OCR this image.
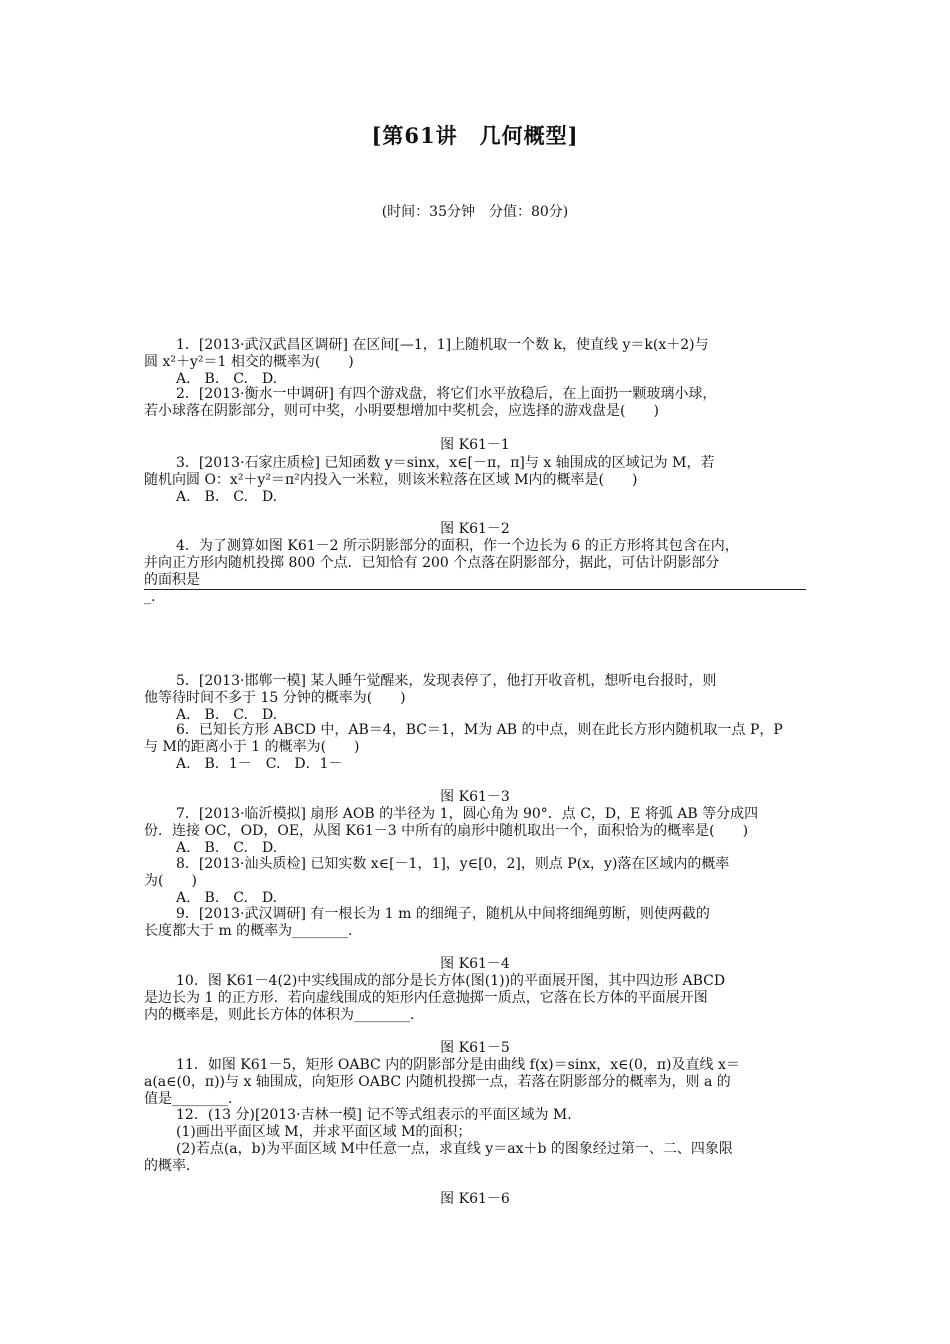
[第61讲　几何概型]
(时间：35分钟　分值：80分)
1．[2013·武汉武昌区调研] 在区间[—1，1]上随机取一个数 k，使直线 y＝k(x＋2)与
圆 x²＋y²＝1 相交的概率为(　　)
A.　B.　C.　D.
2．[2013·衡水一中调研] 有四个游戏盘，将它们水平放稳后，在上面扔一颗玻璃小球，
若小球落在阴影部分，则可中奖，小明要想增加中奖机会，应选择的游戏盘是(　　)
图 K61－1
3．[2013·石家庄质检] 已知函数 y＝sinx，x∈[－π，π]与 x 轴围成的区域记为 M，若
随机向圆 O：x²＋y²＝π²内投入一米粒，则该米粒落在区域 M内的概率是(　　)
A.　B.　C.　D.
图 K61－2
4．为了测算如图 K61－2 所示阴影部分的面积，作一个边长为 6 的正方形将其包含在内，
并向正方形内随机投掷 800 个点．已知恰有 200 个点落在阴影部分，据此，可估计阴影部分
的面积是
_.
5．[2013·邯郸一模] 某人睡午觉醒来，发现表停了，他打开收音机，想听电台报时，则
他等待时间不多于 15 分钟的概率为(　　)
A.　B.　C.　D.
6．已知长方形 ABCD 中，AB＝4，BC＝1，M为 AB 的中点，则在此长方形内随机取一点 P，P
与 M的距离小于 1 的概率为(　　)
A.　B．1－　C.　D．1－
图 K61－3
7．[2013·临沂模拟] 扇形 AOB 的半径为 1，圆心角为 90°．点 C，D，E 将弧 AB 等分成四
份．连接 OC，OD，OE，从图 K61－3 中所有的扇形中随机取出一个，面积恰为的概率是(　　)
A.　B.　C.　D.
8．[2013·汕头质检] 已知实数 x∈[－1，1]，y∈[0，2]，则点 P(x，y)落在区域内的概率
为(　　)
A.　B.　C.　D.
9．[2013·武汉调研] 有一根长为 1 m 的细绳子，随机从中间将细绳剪断，则使两截的
长度都大于 m 的概率为________．
图 K61－4
10．图 K61－4(2)中实线围成的部分是长方体(图(1))的平面展开图，其中四边形 ABCD
是边长为 1 的正方形．若向虚线围成的矩形内任意抛掷一质点，它落在长方体的平面展开图
内的概率是，则此长方体的体积为________．
图 K61－5
11．如图 K61－5，矩形 OABC 内的阴影部分是由曲线 f(x)＝sinx，x∈(0，π)及直线 x＝
a(a∈(0，π))与 x 轴围成，向矩形 OABC 内随机投掷一点，若落在阴影部分的概率为，则 a 的
值是________．
12．(13 分)[2013·吉林一模] 记不等式组表示的平面区域为 M.
(1)画出平面区域 M，并求平面区域 M的面积；
(2)若点(a，b)为平面区域 M中任意一点，求直线 y＝ax＋b 的图象经过第一、二、四象限
的概率．
图 K61－6
